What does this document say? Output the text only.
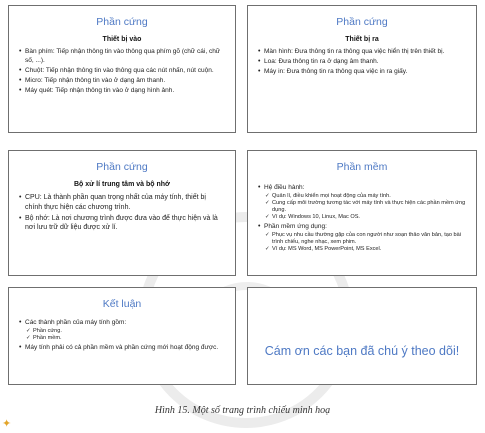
Phần cứng
Thiết bị vào
• Bàn phím: Tiếp nhận thông tin vào thông qua phím gõ (chữ cái, chữ số, ...).
• Chuột: Tiếp nhận thông tin vào thông qua các nút nhấn, nút cuộn.
• Micro: Tiếp nhận thông tin vào ở dạng âm thanh.
• Máy quét: Tiếp nhận thông tin vào ở dạng hình ảnh.
Phần cứng
Thiết bị ra
• Màn hình: Đưa thông tin ra thông qua việc hiển thị trên thiết bị.
• Loa: Đưa thông tin ra ở dạng âm thanh.
• Máy in: Đưa thông tin ra thông qua việc in ra giấy.
Phần cứng
Bộ xử lí trung tâm và bộ nhớ
• CPU: Là thành phần quan trọng nhất của máy tính, thiết bị chính thực hiện các chương trình.
• Bộ nhớ: Là nơi chương trình được đưa vào để thực hiện và là nơi lưu trữ dữ liệu được xử lí.
Phần mềm
• Hệ điều hành:
✓ Quản lí, điều khiển mọi hoạt động của máy tính.
✓ Cung cấp môi trường tương tác với máy tính và thực hiện các phần mềm ứng dụng.
✓ Ví dụ: Windows 10, Linux, Mac OS.
• Phần mềm ứng dụng:
✓ Phục vụ nhu cầu thường gặp của con người như soạn thảo văn bản, tạo bài trình chiếu, nghe nhạc, xem phim.
✓ Ví dụ: MS Word, MS PowerPoint, MS Excel.
Kết luận
• Các thành phần của máy tính gồm:
✓ Phần cứng.
✓ Phần mềm.
• Máy tính phải có cả phần mềm và phần cứng mới hoạt động được.	Cám ơn các bạn đã chú ý theo dõi!
Hình 15. Một số trang trình chiếu minh hoạ
✦
